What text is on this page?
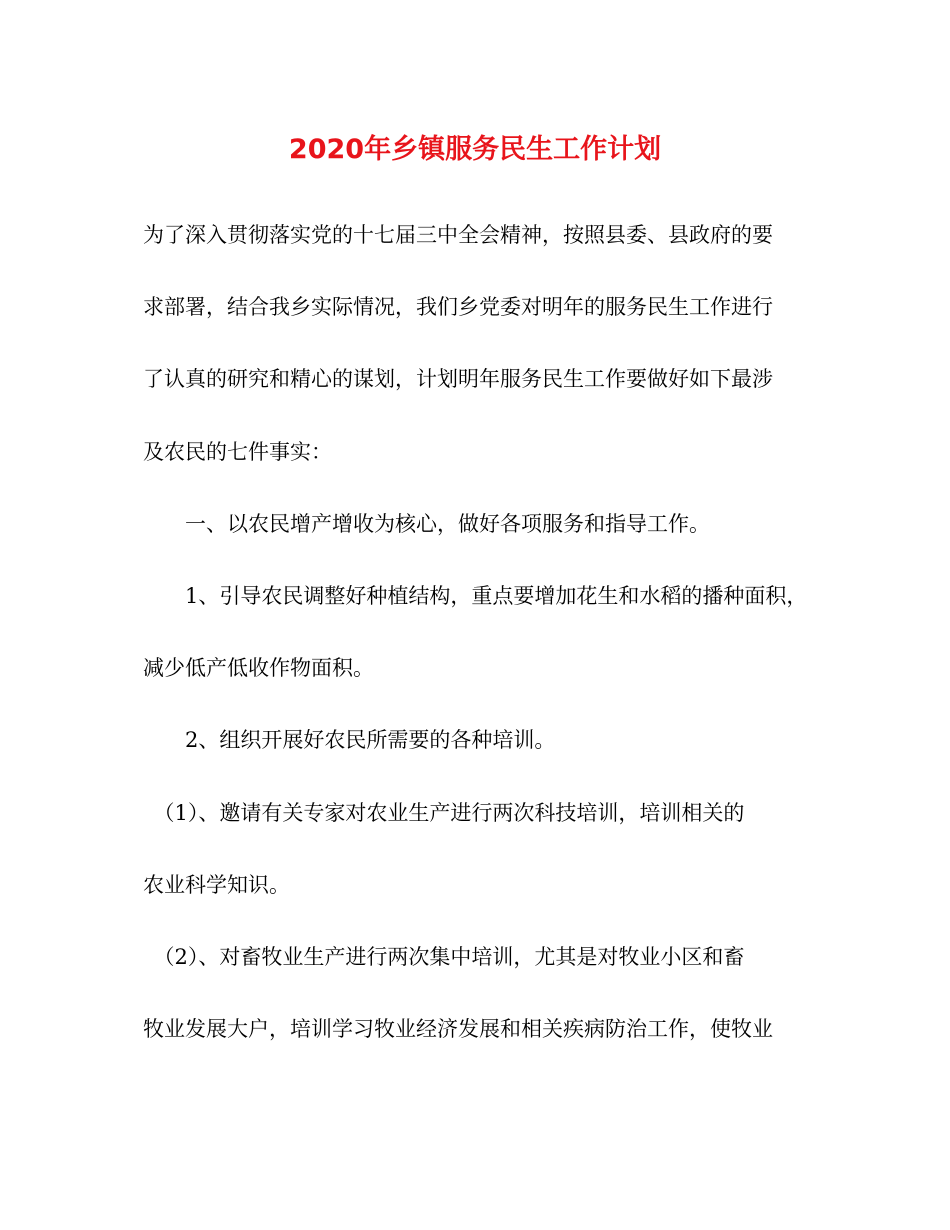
2020年乡镇服务民生工作计划

为了深入贯彻落实党的十七届三中全会精神，按照县委、县政府的要

求部署，结合我乡实际情况，我们乡党委对明年的服务民生工作进行

了认真的研究和精心的谋划，计划明年服务民生工作要做好如下最涉

及农民的七件事实：

　　一、以农民增产增收为核心，做好各项服务和指导工作。

　　1、引导农民调整好种植结构，重点要增加花生和水稻的播种面积，

减少低产低收作物面积。

　　2、组织开展好农民所需要的各种培训。

　（1）、邀请有关专家对农业生产进行两次科技培训，培训相关的

农业科学知识。

　（2）、对畜牧业生产进行两次集中培训，尤其是对牧业小区和畜

牧业发展大户，培训学习牧业经济发展和相关疾病防治工作，使牧业
